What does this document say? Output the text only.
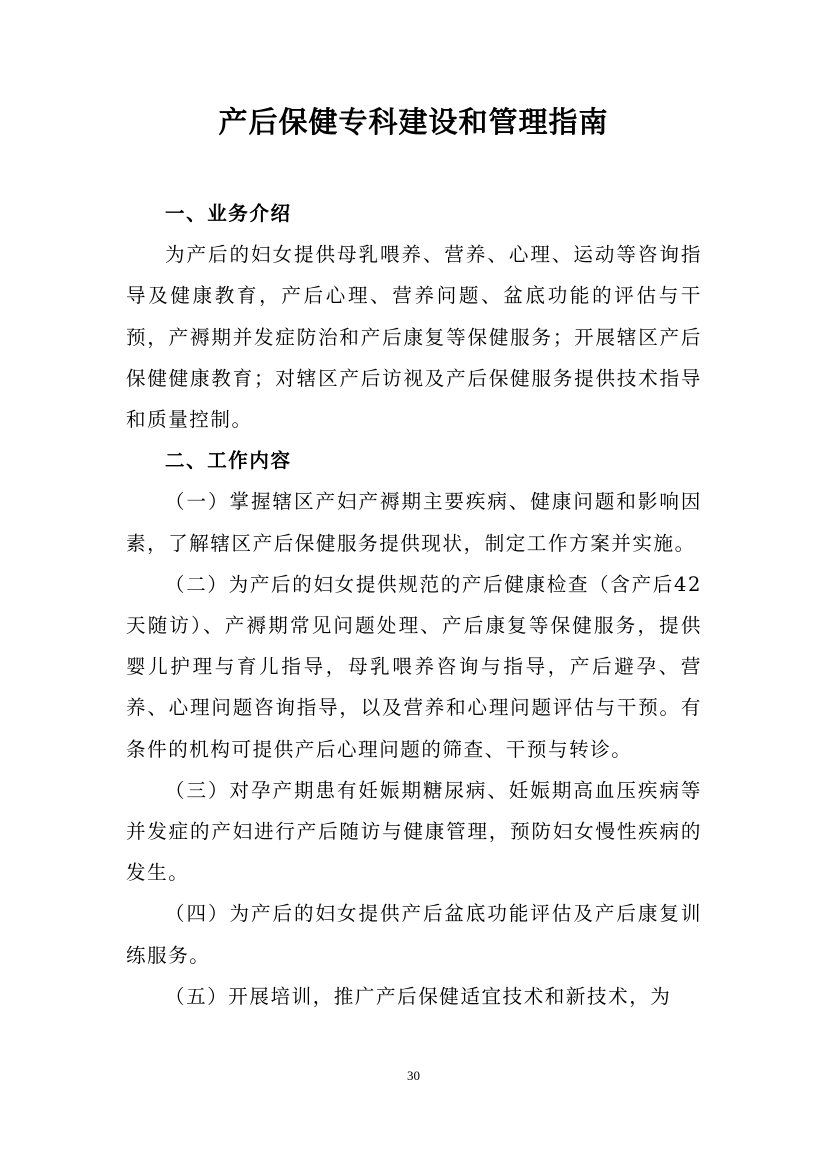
产后保健专科建设和管理指南

一、业务介绍

为产后的妇女提供母乳喂养、营养、心理、运动等咨询指导及健康教育，产后心理、营养问题、盆底功能的评估与干预，产褥期并发症防治和产后康复等保健服务；开展辖区产后保健健康教育；对辖区产后访视及产后保健服务提供技术指导和质量控制。

二、工作内容

（一）掌握辖区产妇产褥期主要疾病、健康问题和影响因素，了解辖区产后保健服务提供现状，制定工作方案并实施。

（二）为产后的妇女提供规范的产后健康检查（含产后42 天随访）、产褥期常见问题处理、产后康复等保健服务，提供婴儿护理与育儿指导，母乳喂养咨询与指导，产后避孕、营养、心理问题咨询指导，以及营养和心理问题评估与干预。有条件的机构可提供产后心理问题的筛查、干预与转诊。

（三）对孕产期患有妊娠期糖尿病、妊娠期高血压疾病等并发症的产妇进行产后随访与健康管理，预防妇女慢性疾病的发生。

（四）为产后的妇女提供产后盆底功能评估及产后康复训练服务。

（五）开展培训，推广产后保健适宜技术和新技术，为

30
